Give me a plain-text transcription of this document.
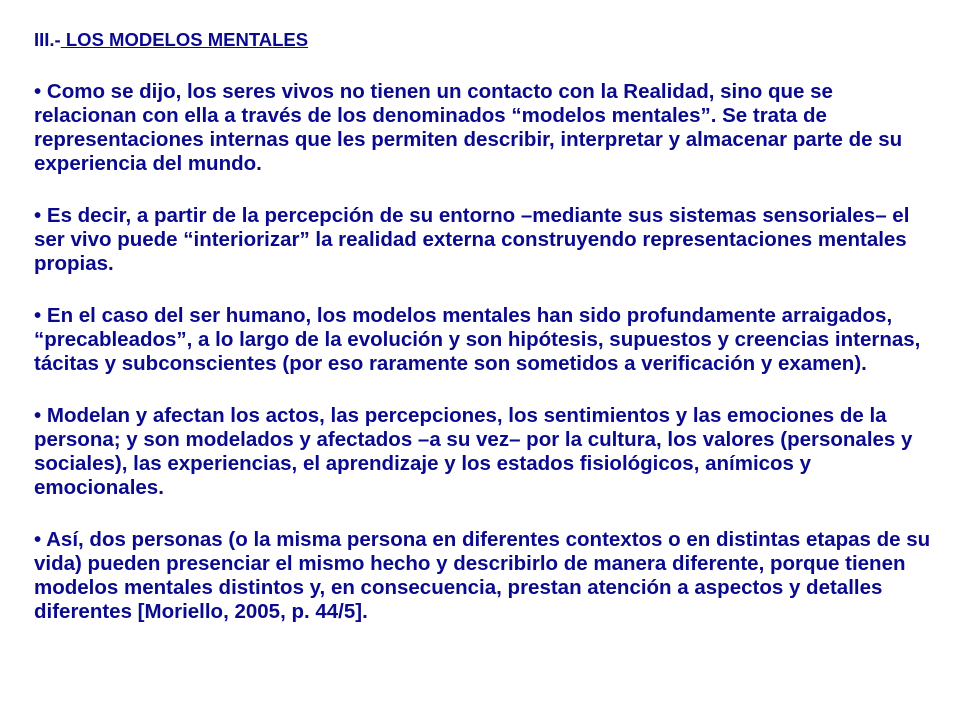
III.- LOS MODELOS MENTALES
• Como se dijo, los seres vivos no tienen un contacto con la Realidad, sino que se relacionan con ella a través de los denominados “modelos mentales”. Se trata de representaciones internas que les permiten describir, interpretar y almacenar parte de su experiencia del mundo.
• Es decir, a partir de la percepción de su entorno –mediante sus sistemas sensoriales– el ser vivo puede “interiorizar” la realidad externa construyendo representaciones mentales propias.
• En el caso del ser humano, los modelos mentales han sido profundamente arraigados, “precableados”, a lo largo de la evolución y son hipótesis, supuestos y creencias internas, tácitas y subconscientes (por eso raramente son sometidos a verificación y examen).
• Modelan y afectan los actos, las percepciones, los sentimientos y las emociones de la persona; y son modelados y afectados –a su vez– por la cultura, los valores (personales y sociales), las experiencias, el aprendizaje y los estados fisiológicos, anímicos y emocionales.
• Así, dos personas (o la misma persona en diferentes contextos o en distintas etapas de su vida) pueden presenciar el mismo hecho y describirlo de manera diferente, porque tienen modelos mentales distintos y, en consecuencia, prestan atención a aspectos y detalles diferentes [Moriello, 2005, p. 44/5].
